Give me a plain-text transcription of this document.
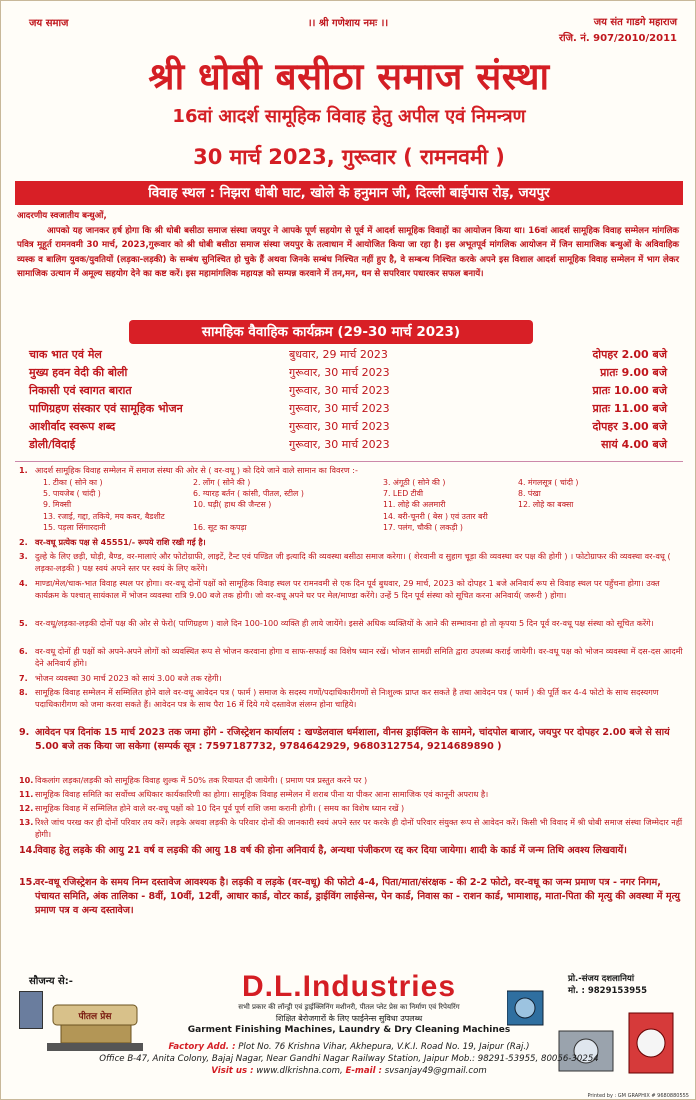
जय समाज	।। श्री गणेशाय नमः ।।	जय संत गाडगे महाराज
रजि. नं. 907/2010/2011
श्री धोबी बसीठा समाज संस्था
16वां आदर्श सामूहिक विवाह हेतु अपील एवं निमन्त्रण
30 मार्च 2023, गुरूवार ( रामनवमी )
विवाह स्थल : निझरा धोबी घाट, खोले के हनुमान जी, दिल्ली बाईपास रोड़, जयपुर

आदरणीय स्वजातीय बन्धुओं,

आपको यह जानकर हर्ष होगा कि श्री धोबी बसीठा समाज संस्था जयपुर ने आपके पूर्ण सहयोग से पूर्व में आदर्श सामूहिक विवाहों का आयोजन किया था। 16वां आदर्श सामूहिक विवाह सम्मेलन मांगलिक पवित्र मूहूर्त रामनवमी 30 मार्च, 2023,गुरूवार को श्री धोबी बसीठा समाज संस्था जयपुर के तत्वाधान में आयोजित किया जा रहा है। इस अभूतपूर्व मांगलिक आयोजन में जिन सामाजिक बन्धुओं के अविवाहिक व्यस्क व बालिग युवक/युवतियों (लड़का-लड़की) के सम्बंध सुनिश्चित हो चुके हैं अथवा जिनके सम्बंध निश्चित नहीं हुए है, वे सम्बन्ध निश्चित करके अपने इस विशाल आदर्श सामूहिक विवाह सम्मेलन में भाग लेकर सामाजिक उत्थान में अमूल्य सहयोग देने का कष्ट करें। इस महामांगलिक महायज्ञ को सम्पन्न करवाने में तन,मन, धन से सपरिवार पधारकर सफल बनायें।

सामहिक वैवाहिक कार्यक्रम (29-30 मार्च 2023)
चाक भात एवं मेल	बुधवार, 29 मार्च 2023	दोपहर 2.00 बजे
मुख्य हवन वेदी की बोली	गुरूवार, 30 मार्च 2023	प्रातः 9.00 बजे
निकासी एवं स्वागत बारात	गुरूवार, 30 मार्च 2023	प्रातः 10.00 बजे
पाणिग्रहण संस्कार एवं सामूहिक भोजन	गुरूवार, 30 मार्च 2023	प्रातः 11.00 बजे
आशीर्वाद स्वरूप शब्द	गुरूवार, 30 मार्च 2023	दोपहर 3.00 बजे
डोली/विदाई	गुरूवार, 30 मार्च 2023	सायं 4.00 बजे
1. आदर्श सामूहिक विवाह सम्मेलन में समाज संस्था की ओर से ( वर-वधू ) को दिये जाने वाले सामान का विवरण :-
1. टीका ( सोने का )	2. लोंग ( सोने की )	3. अंगूठी ( सोने की )	4. मंगलसूत्र ( चांदी )
5. पायजेब ( चांदी )	6. ग्यारह बर्तन ( कांसी, पीतल, स्टील )	7. LED टीवी	8. पंखा
9. मिक्सी	10. घड़ी( हाथ की जैन्टस )	11. लोहे की अलमारी	12. लोहे का बक्सा
13. रजाई, गद्दा, तकिये, मय कवर, बैडशीट	14. बरी-चूनरी ( बेस ) एवं उतार बरी
15. पड़ला सिंगारदानी	16. सूट का कपड़ा	17. पलंग, चौकी ( लकड़ी )
2. वर-वधू प्रत्येक पक्ष से 45551/- रूपये राशि रखी गई है।
3. दुल्हे के लिए छड़ी, घोड़ी, बैण्ड, वर-मालाएं और फोटोग्राफी, लाइटें, टैन्ट एवं पण्डित जी इत्यादि की व्यवस्था बसीठा समाज करेगा। ( शेरवानी व सुहाग चूड़ा की व्यवस्था वर पक्ष की होगी ) । फोटोग्राफर की व्यवस्था वर-वधू ( लड़का-लड़की ) पक्ष स्वयं अपने स्तर पर स्वयं के लिए करेंगे।
4. माण्डा/मेल/चाक-भात विवाह स्थल पर होगा। वर-वधू दोनों पक्षों को सामूहिक विवाह स्थल पर रामनवमी से एक दिन पूर्व बुधवार, 29 मार्च, 2023 को दोपहर 1 बजे अनिवार्य रूप से विवाह स्थल पर पहुँचना होगा। उक्त कार्यक्रम के पश्चात् सायंकाल में भोजन व्यवस्था रात्रि 9.00 बजे तक होगी। जो वर-वधू अपने घर पर मेल/माण्डा करेंगे। उन्हें 5 दिन पूर्व संस्था को सूचित करना अनिवार्य( जरूरी ) होगा।
5. वर-वधू/लड़का-लड़की दोनों पक्ष की ओर से फेरो( पाणिग्रहण ) वाले दिन 100-100 व्यक्ति ही लाये जायेंगे। इससे अधिक व्यक्तियों के आने की सम्भावना हो तो कृपया 5 दिन पूर्व वर-वधू पक्ष संस्था को सूचित करेंगे।
6. वर-वधू दोनों ही पक्षों को अपने-अपने लोगों को व्यवस्थित रूप से भोजन करवाना होगा व साफ-सफाई का विशेष ध्यान रखें। भोजन सामग्री समिति द्वारा उपलब्ध कराई जायेगी। वर-वधू पक्ष को भोजन व्यवस्था में दस-दस आदमी देने अनिवार्य होंगे।
7. भोजन व्यवस्था 30 मार्च 2023 को सायं 3.00 बजे तक रहेगी।
8. सामूहिक विवाह सम्मेलन में सम्मिलित होने वाले वर-वधू आवेदन पत्र ( फार्म ) समाज के सदस्य गणों/पदाधिकारीगणों से निःशुल्क प्राप्त कर सकते है तथा आवेदन पत्र ( फार्म ) की पूर्ति कर 4-4 फोटो के साथ सदस्यगण पदाधिकारीगण को जमा करवा सकते हैं। आवेदन पत्र के साथ पैरा 16 में दिये गये दस्तावेज संलग्न होना चाहिये।
9. आवेदन पत्र दिनांक 15 मार्च 2023 तक जमा होंगे - रजिस्ट्रेशन कार्यालय : खण्डेलवाल धर्मशाला, वीनस ड्राईक्लिन के सामने, चांदपोल बाजार, जयपुर पर दोपहर 2.00 बजे से सायं 5.00 बजे तक किया जा सकेगा (सम्पर्क सूत्र : 7597187732, 9784642929, 9680312754, 9214689890 )
10. विकलांग लड़का/लड़की को सामूहिक विवाह शुल्क में 50% तक रियायत दी जायेगी। ( प्रमाण पत्र प्रस्तुत करने पर )
11. सामूहिक विवाह समिति का सर्वोच्च अधिकार कार्यकारिणी का होगा। सामूहिक विवाह सम्मेलन में शराब पीना या पीकर आना सामाजिक एवं कानूनी अपराध है।
12. सामूहिक विवाह में सम्मिलित होने वाले वर-वधू पक्षों को 10 दिन पूर्व पूर्ण राशि जमा करानी होगी। ( समय का विशेष ध्यान रखें )
13. रिश्ते जांच परख कर ही दोनों परिवार तय करें। लड़के अथवा लड़की के परिवार दोनों की जानकारी स्वयं अपने स्तर पर करके ही दोनों परिवार संयुक्त रूप से आवेदन करें। किसी भी विवाद में श्री धोबी समाज संस्था जिम्मेदार नहीं होगी।
14. विवाह हेतु लड़के की आयु 21 वर्ष व लड़की की आयु 18 वर्ष की होना अनिवार्य है, अन्यथा पंजीकरण रद्द कर दिया जायेगा। शादी के कार्ड में जन्म तिथि अवश्य लिखवायें।
15. वर-वधू रजिस्ट्रेशन के समय निम्न दस्तावेज आवश्यक है। लड़की व लड़के (वर-वधू) की फोटो 4-4, पिता/माता/संरक्षक - की 2-2 फोटो, वर-वधू का जन्म प्रमाण पत्र - नगर निगम, पंचायत समिति, अंक तालिका - 8वीं, 10वीं, 12वीं, आधार कार्ड, वोटर कार्ड, ड्राईविंग लाईसेन्स, पेन कार्ड, निवास का - राशन कार्ड, भामाशाह, माता-पिता की मृत्यु की अवस्था में मृत्यु प्रमाण पत्र व अन्य दस्तावेज।
सौजन्य से:-	D.L.Industries	प्रो.-संजय दशलानियां
मो. : 9829153955
पीतल प्रेस
सभी प्रकार की लॉन्ड्री एवं ड्राईक्लिनिंग मशीनरी, पीतल प्लेट प्रेस का निर्माण एवं रिपेयरिंग
शिक्षित बेरोजगारों के लिए फाईनेन्स सुविधा उपलब्ध
Garment Finishing Machines, Laundry & Dry Cleaning Machines
Factory Add. : Plot No. 76 Krishna Vihar, Akhepura, V.K.I. Road No. 19, Jaipur (Raj.)
Office B-47, Anita Colony, Bajaj Nagar, Near Gandhi Nagar Railway Station, Jaipur Mob.: 98291-53955, 80056-30254
Visit us : www.dlkrishna.com, E-mail : svsanjay49@gmail.com
Printed by : GM GRAPHIX # 9680880555
